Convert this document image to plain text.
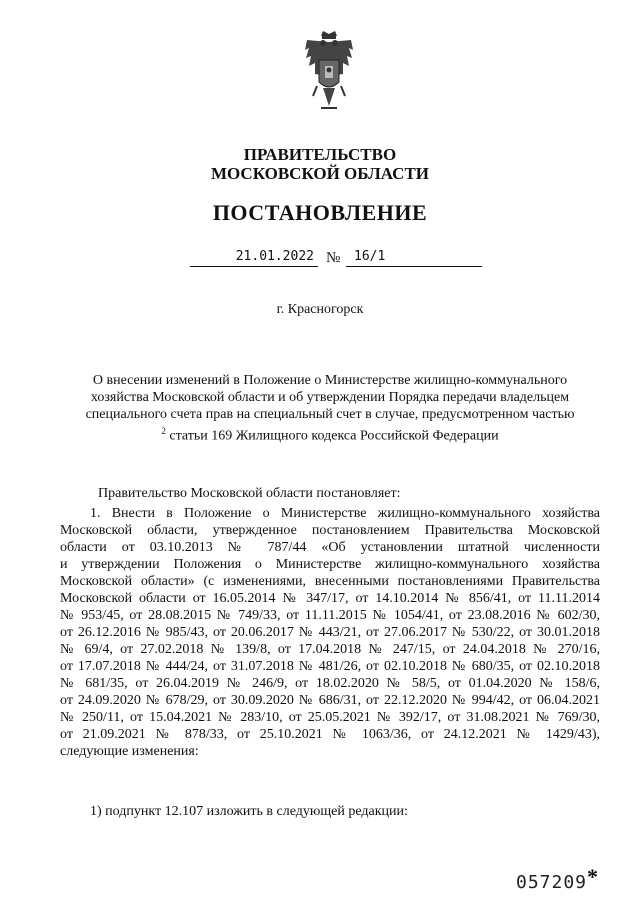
ПРАВИТЕЛЬСТВО
МОСКОВСКОЙ ОБЛАСТИ
ПОСТАНОВЛЕНИЕ
21.01.2022 №	16/1
г. Красногорск
О внесении изменений в Положение о Министерстве жилищно-коммунального
хозяйства Московской области и об утверждении Порядка передачи владельцем
специального счета прав на специальный счет в случае, предусмотренном частью
$^2$ статьи 169 Жилищного кодекса Российской Федерации
Правительство Московской области постановляет:
1. Внести в Положение о Министерстве жилищно-коммунального хозяйства
Московской области, утвержденное постановлением Правительства Московской
области от 03.10.2013 № 787/44 «Об установлении штатной численности
и утверждении Положения о Министерстве жилищно-коммунального хозяйства
Московской области» (с изменениями, внесенными постановлениями Правительства
Московской области от 16.05.2014 № 347/17, от 14.10.2014 № 856/41, от 11.11.2014
№ 953/45, от 28.08.2015 № 749/33, от 11.11.2015 № 1054/41, от 23.08.2016 № 602/30,
от 26.12.2016 № 985/43, от 20.06.2017 № 443/21, от 27.06.2017 № 530/22, от 30.01.2018
№ 69/4, от 27.02.2018 № 139/8, от 17.04.2018 № 247/15, от 24.04.2018 № 270/16,
от 17.07.2018 № 444/24, от 31.07.2018 № 481/26, от 02.10.2018 № 680/35, от 02.10.2018
№ 681/35, от 26.04.2019 № 246/9, от 18.02.2020 № 58/5, от 01.04.2020 № 158/6,
от 24.09.2020 № 678/29, от 30.09.2020 № 686/31, от 22.12.2020 № 994/42, от 06.04.2021
№ 250/11, от 15.04.2021 № 283/10, от 25.05.2021 № 392/17, от 31.08.2021 № 769/30,
от 21.09.2021 № 878/33, от 25.10.2021 № 1063/36, от 24.12.2021 № 1429/43),
следующие изменения:
1) подпункт 12.107 изложить в следующей редакции:
057209 *
